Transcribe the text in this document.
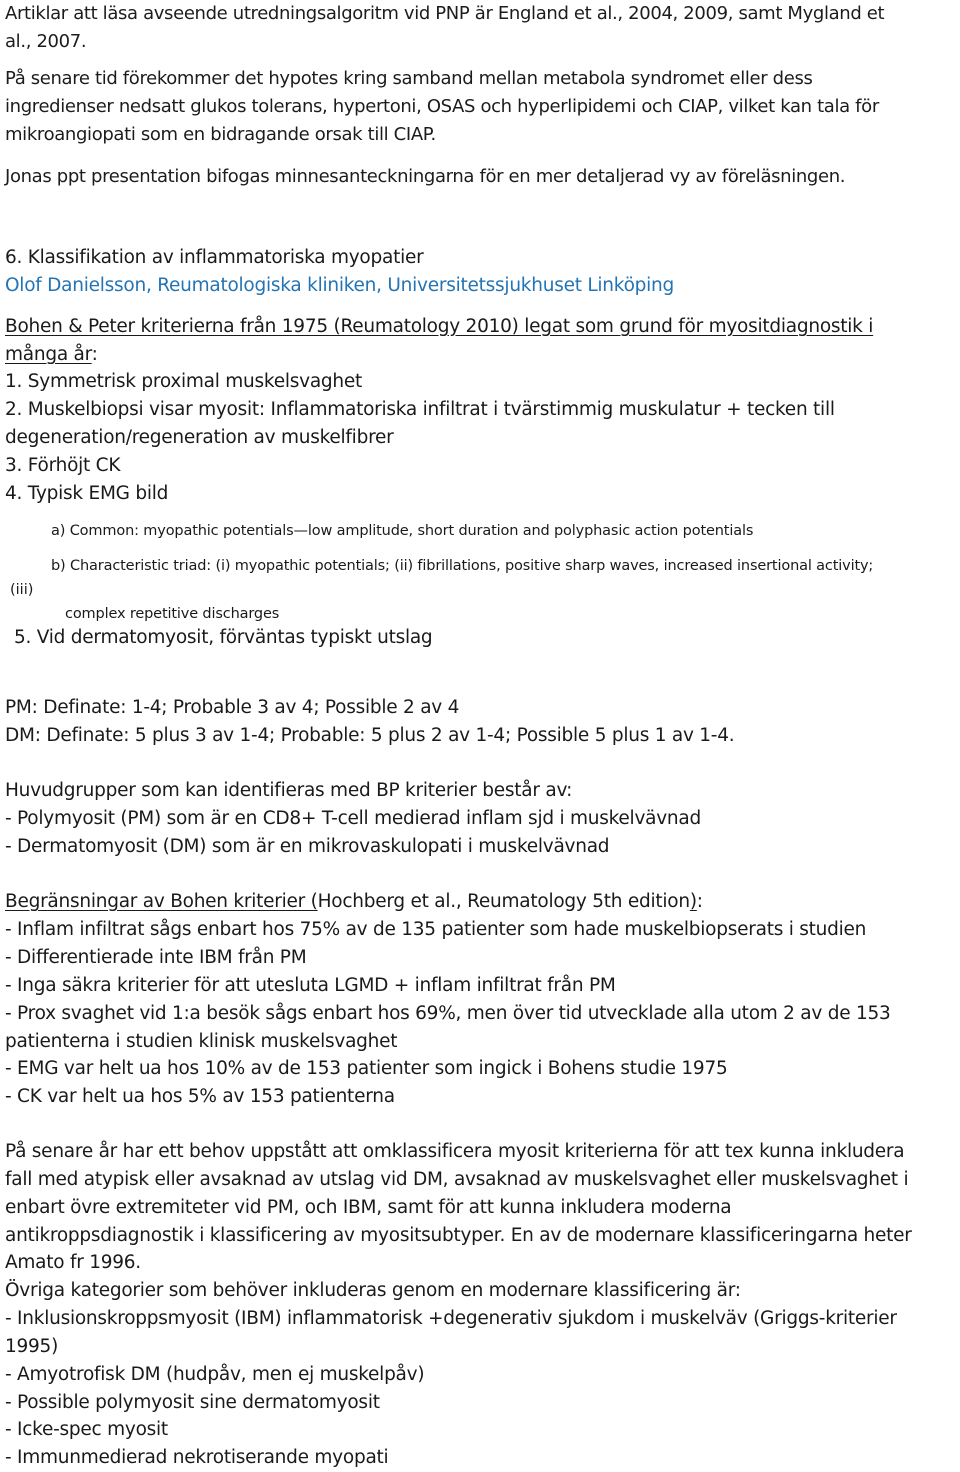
Artiklar att läsa avseende utredningsalgoritm vid PNP är England et al., 2004, 2009, samt Mygland et
al., 2007.
På senare tid förekommer det hypotes kring samband mellan metabola syndromet eller dess
ingredienser nedsatt glukos tolerans, hypertoni, OSAS och hyperlipidemi och CIAP, vilket kan tala för
mikroangiopati som en bidragande orsak till CIAP.
Jonas ppt presentation bifogas minnesanteckningarna för en mer detaljerad vy av föreläsningen.
6. Klassifikation av inflammatoriska myopatier
Olof Danielsson, Reumatologiska kliniken, Universitetssjukhuset Linköping
Bohen & Peter kriterierna från 1975 (Reumatology 2010) legat som grund för myositdiagnostik i
många år:
1. Symmetrisk proximal muskelsvaghet
2. Muskelbiopsi visar myosit: Inflammatoriska infiltrat i tvärstimmig muskulatur + tecken till
degeneration/regeneration av muskelfibrer
3. Förhöjt CK
4. Typisk EMG bild
a) Common: myopathic potentials—low amplitude, short duration and polyphasic action potentials
b) Characteristic triad: (i) myopathic potentials; (ii) fibrillations, positive sharp waves, increased insertional activity;
(iii)
complex repetitive discharges
5. Vid dermatomyosit, förväntas typiskt utslag
PM: Definate: 1-4; Probable 3 av 4; Possible 2 av 4
DM: Definate: 5 plus 3 av 1-4; Probable: 5 plus 2 av 1-4; Possible 5 plus 1 av 1-4.
Huvudgrupper som kan identifieras med BP kriterier består av:
- Polymyosit (PM) som är en CD8+ T-cell medierad inflam sjd i muskelvävnad
- Dermatomyosit (DM) som är en mikrovaskulopati i muskelvävnad
Begränsningar av Bohen kriterier (Hochberg et al., Reumatology 5th edition):
- Inflam infiltrat sågs enbart hos 75% av de 135 patienter som hade muskelbiopserats i studien
- Differentierade inte IBM från PM
- Inga säkra kriterier för att utesluta LGMD + inflam infiltrat från PM
- Prox svaghet vid 1:a besök sågs enbart hos 69%, men över tid utvecklade alla utom 2 av de 153
patienterna i studien klinisk muskelsvaghet
- EMG var helt ua hos 10% av de 153 patienter som ingick i Bohens studie 1975
- CK var helt ua hos 5% av 153 patienterna
På senare år har ett behov uppstått att omklassificera myosit kriterierna för att tex kunna inkludera
fall med atypisk eller avsaknad av utslag vid DM, avsaknad av muskelsvaghet eller muskelsvaghet i
enbart övre extremiteter vid PM, och IBM, samt för att kunna inkludera moderna
antikroppsdiagnostik i klassificering av myositsubtyper. En av de modernare klassificeringarna heter
Amato fr 1996.
Övriga kategorier som behöver inkluderas genom en modernare klassificering är:
- Inklusionskroppsmyosit (IBM) inflammatorisk +degenerativ sjukdom i muskelväv (Griggs-kriterier
1995)
- Amyotrofisk DM (hudpåv, men ej muskelpåv)
- Possible polymyosit sine dermatomyosit
- Icke-spec myosit
- Immunmedierad nekrotiserande myopati
